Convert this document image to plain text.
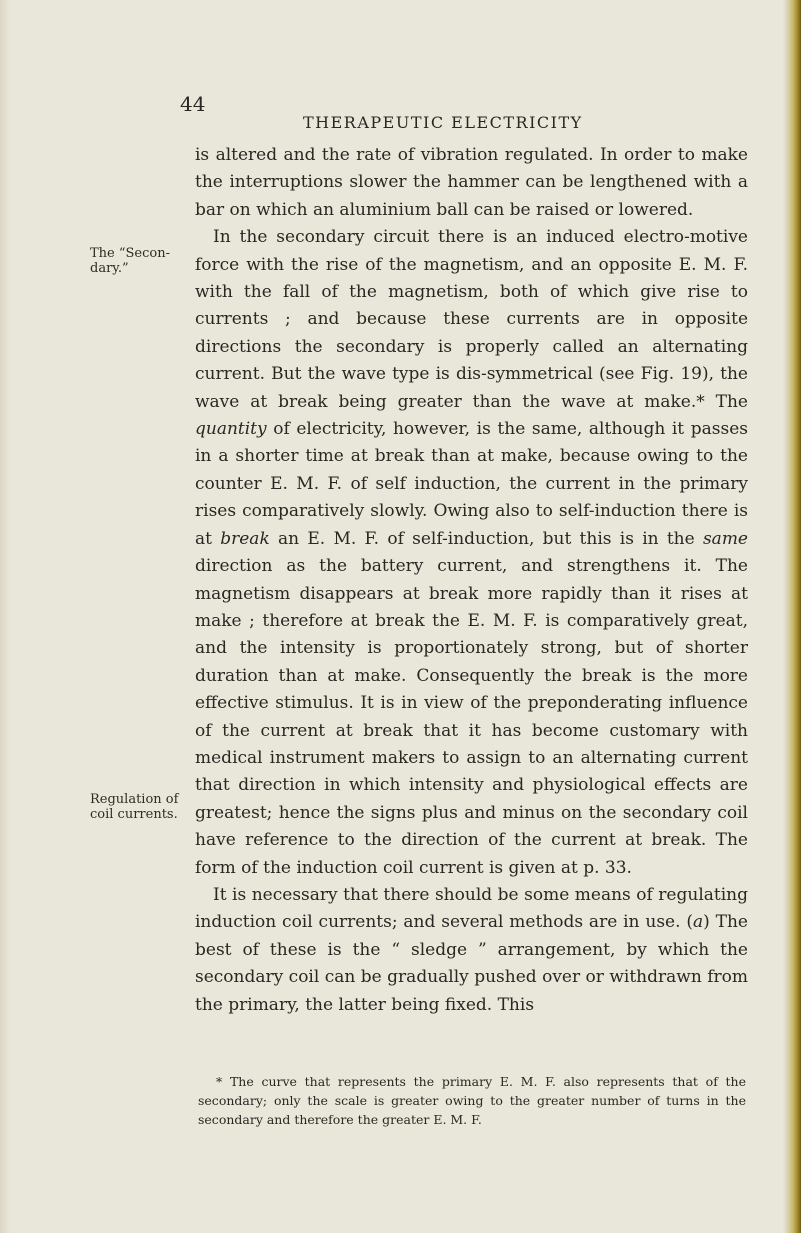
44
THERAPEUTIC ELECTRICITY
The “Secon-
dary.”
Regulation of
coil currents.

is altered and the rate of vibration regulated. In order to make the interruptions slower the hammer can be lengthened with a bar on which an aluminium ball can be raised or lowered.

In the secondary circuit there is an induced electro-motive force with the rise of the magnetism, and an opposite E. M. F. with the fall of the magnetism, both of which give rise to currents ; and because these currents are in opposite directions the secondary is properly called an alternating current. But the wave type is dis-symmetrical (see Fig. 19), the wave at break being greater than the wave at make.* The quantity of electricity, however, is the same, although it passes in a shorter time at break than at make, because owing to the counter E. M. F. of self induction, the current in the primary rises comparatively slowly. Owing also to self-induction there is at break an E. M. F. of self-induction, but this is in the same direction as the battery current, and strengthens it. The magnetism disappears at break more rapidly than it rises at make ; therefore at break the E. M. F. is comparatively great, and the intensity is proportionately strong, but of shorter duration than at make. Consequently the break is the more effective stimulus. It is in view of the preponderating influence of the current at break that it has become customary with medical instrument makers to assign to an alternating current that direction in which intensity and physiological effects are greatest; hence the signs plus and minus on the secondary coil have reference to the direction of the current at break. The form of the induction coil current is given at p. 33.

It is necessary that there should be some means of regulating induction coil currents; and several methods are in use. (a) The best of these is the “ sledge ” arrangement, by which the secondary coil can be gradually pushed over or withdrawn from the primary, the latter being fixed. This

* The curve that represents the primary E. M. F. also represents that of the secondary; only the scale is greater owing to the greater number of turns in the secondary and therefore the greater E. M. F.
